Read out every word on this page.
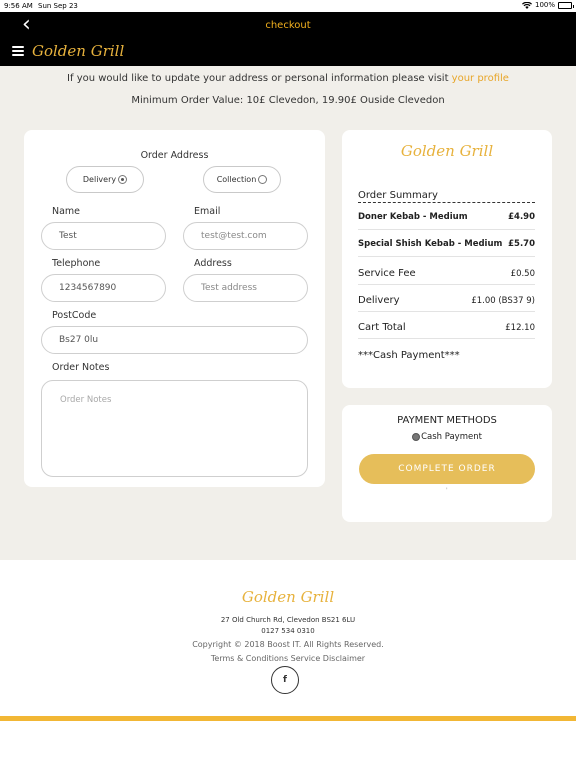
9:56 AM Sun Sep 23	100%
‹	checkout
Golden Grill
If you would like to update your address or personal information please visit your profile
Minimum Order Value: 10£ Clevedon, 19.90£ Ouside Clevedon
Order Address
Delivery	Collection
Name	Email
Test	test@test.com
Telephone	Address
1234567890	Test address
PostCode
Bs27 0lu
Order Notes
Order Notes
Golden Grill
Order Summary
Doner Kebab - Medium	£4.90
Special Shish Kebab - Medium £5.70
Service Fee	£0.50
Delivery	£1.00 (BS37 9)
Cart Total	£12.10
***Cash Payment***
PAYMENT METHODS
Cash Payment
COMPLETE ORDER
'
Golden Grill
27 Old Church Rd, Clevedon BS21 6LU
0127 534 0310
Copyright © 2018 Boost IT. All Rights Reserved.
Terms & Conditions Service Disclaimer
f
